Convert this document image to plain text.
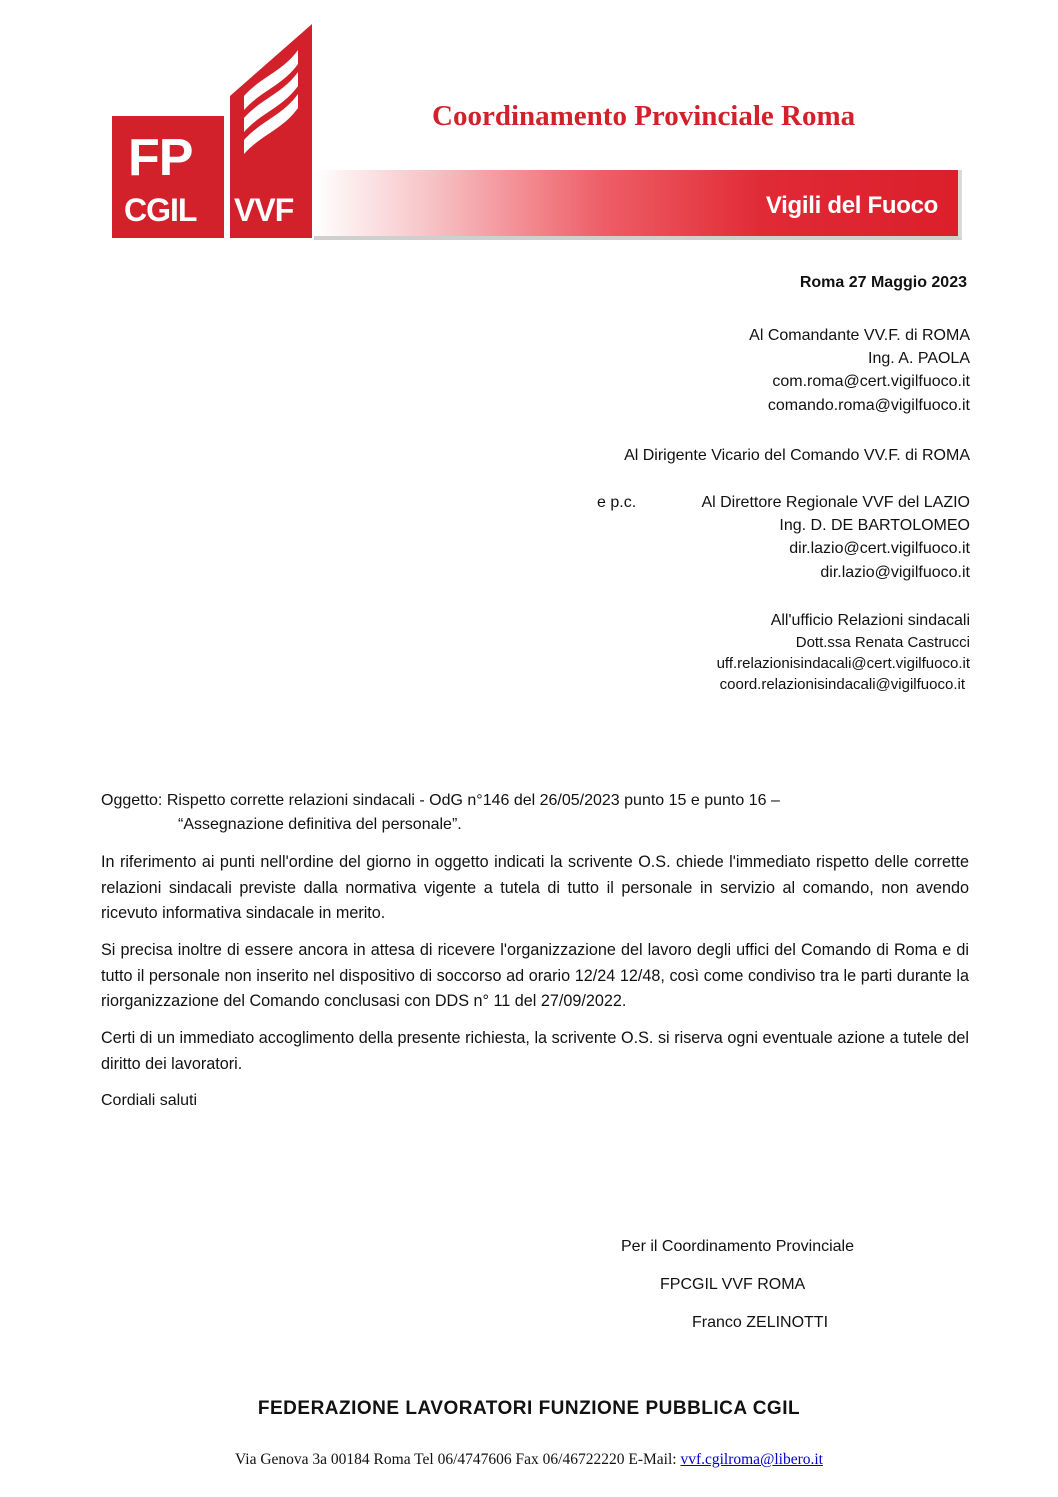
FP
CGIL VVF
Coordinamento Provinciale Roma
Vigili del Fuoco
Roma 27 Maggio 2023
Al Comandante VV.F. di ROMA
Ing. A. PAOLA
com.roma@cert.vigilfuoco.it
comando.roma@vigilfuoco.it
Al Dirigente Vicario del Comando VV.F. di ROMA
e p.c.	Al Direttore Regionale VVF del LAZIO
Ing. D. DE BARTOLOMEO
dir.lazio@cert.vigilfuoco.it
dir.lazio@vigilfuoco.it
All'ufficio Relazioni sindacali
Dott.ssa Renata Castrucci
uff.relazionisindacali@cert.vigilfuoco.it
coord.relazionisindacali@vigilfuoco.it
Oggetto: Rispetto corrette relazioni sindacali - OdG n°146 del 26/05/2023 punto 15 e punto 16 –
“Assegnazione definitiva del personale”.
In riferimento ai punti nell'ordine del giorno in oggetto indicati la scrivente O.S. chiede l'immediato rispetto delle corrette relazioni sindacali previste dalla normativa vigente a tutela di tutto il personale in servizio al comando, non avendo ricevuto informativa sindacale in merito.
Si precisa inoltre di essere ancora in attesa di ricevere l'organizzazione del lavoro degli uffici del Comando di Roma e di tutto il personale non inserito nel dispositivo di soccorso ad orario 12/24 12/48, così come condiviso tra le parti durante la riorganizzazione del Comando conclusasi con DDS n° 11 del 27/09/2022.
Certi di un immediato accoglimento della presente richiesta, la scrivente O.S. si riserva ogni eventuale azione a tutele del diritto dei lavoratori.
Cordiali saluti
Per il Coordinamento Provinciale
FPCGIL VVF ROMA
Franco ZELINOTTI
FEDERAZIONE LAVORATORI FUNZIONE PUBBLICA CGIL
Via Genova 3a 00184 Roma Tel 06/4747606 Fax 06/46722220 E-Mail: vvf.cgilroma@libero.it
